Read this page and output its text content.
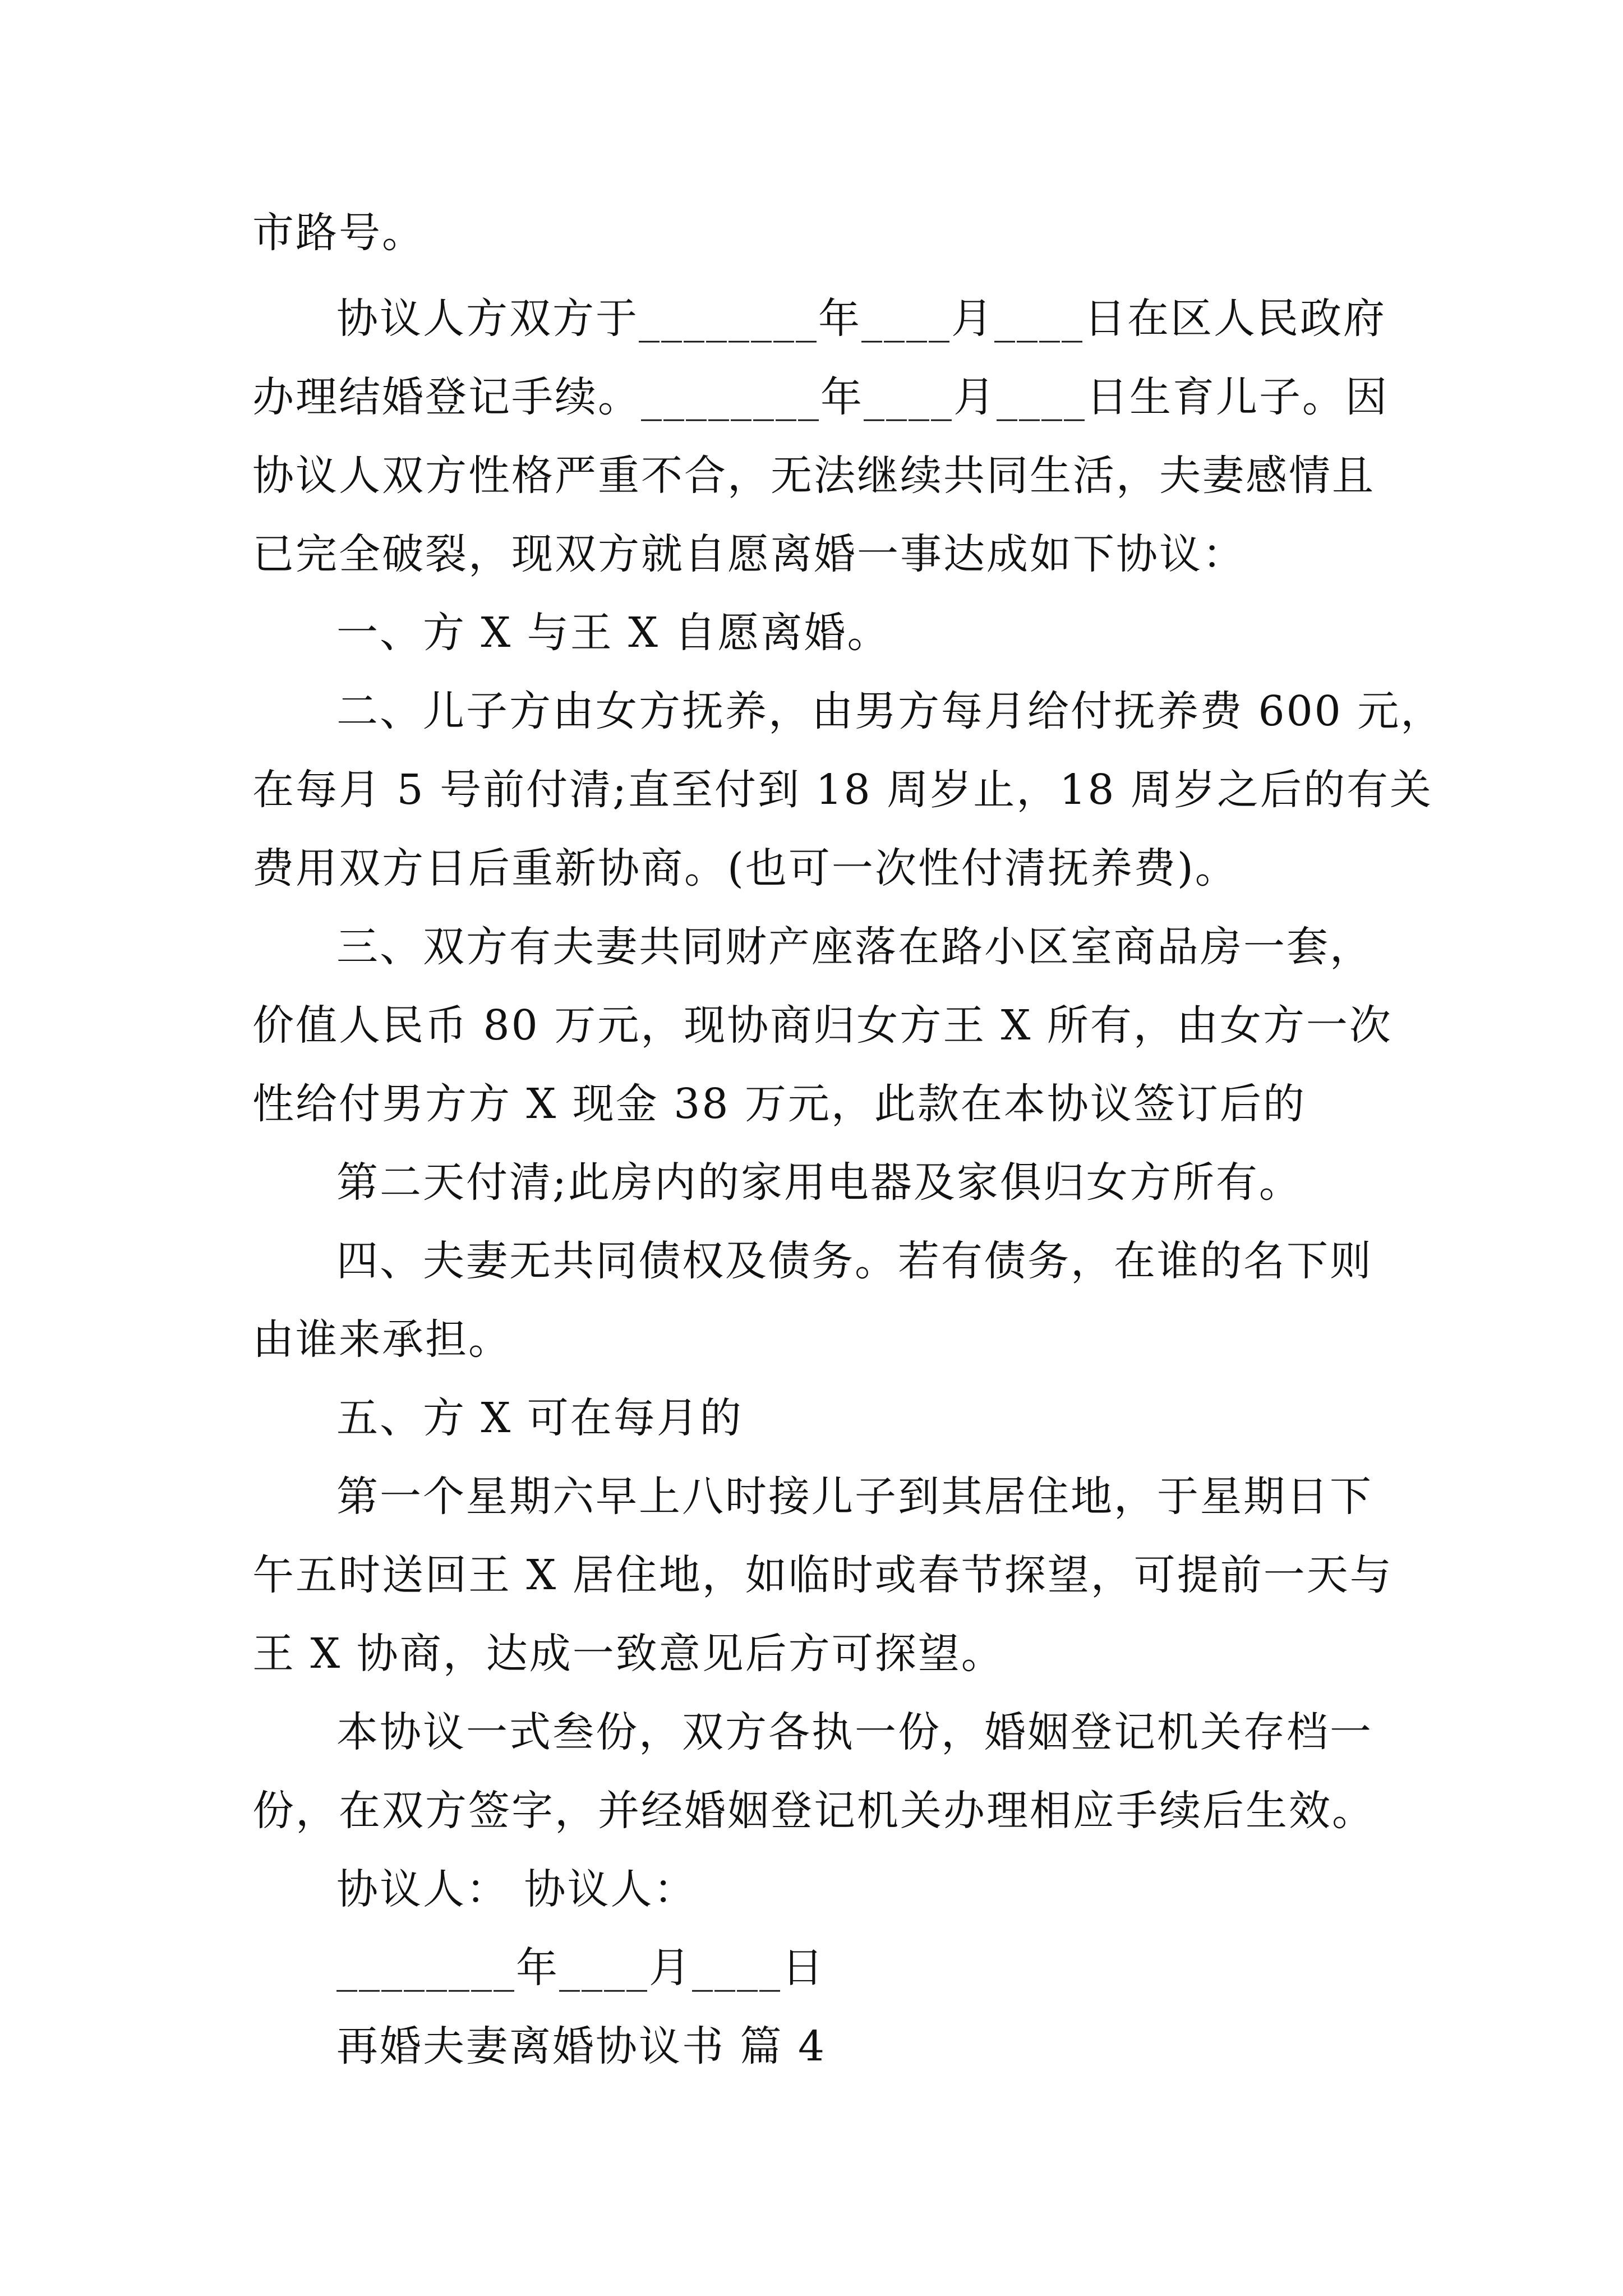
市路号。
协议人方双方于________年____月____日在区人民政府
办理结婚登记手续。________年____月____日生育儿子。因
协议人双方性格严重不合，无法继续共同生活，夫妻感情且
已完全破裂，现双方就自愿离婚一事达成如下协议：
一、方 X 与王 X 自愿离婚。
二、儿子方由女方抚养，由男方每月给付抚养费 600 元，
在每月 5 号前付清;直至付到 18 周岁止，18 周岁之后的有关
费用双方日后重新协商。(也可一次性付清抚养费)。
三、双方有夫妻共同财产座落在路小区室商品房一套，
价值人民币 80 万元，现协商归女方王 X 所有，由女方一次
性给付男方方 X 现金 38 万元，此款在本协议签订后的
第二天付清;此房内的家用电器及家俱归女方所有。
四、夫妻无共同债权及债务。若有债务，在谁的名下则
由谁来承担。
五、方 X 可在每月的
第一个星期六早上八时接儿子到其居住地，于星期日下
午五时送回王 X 居住地，如临时或春节探望，可提前一天与
王 X 协商，达成一致意见后方可探望。
本协议一式叁份，双方各执一份，婚姻登记机关存档一
份，在双方签字，并经婚姻登记机关办理相应手续后生效。
协议人： 协议人：
________年____月____日
再婚夫妻离婚协议书 篇 4
